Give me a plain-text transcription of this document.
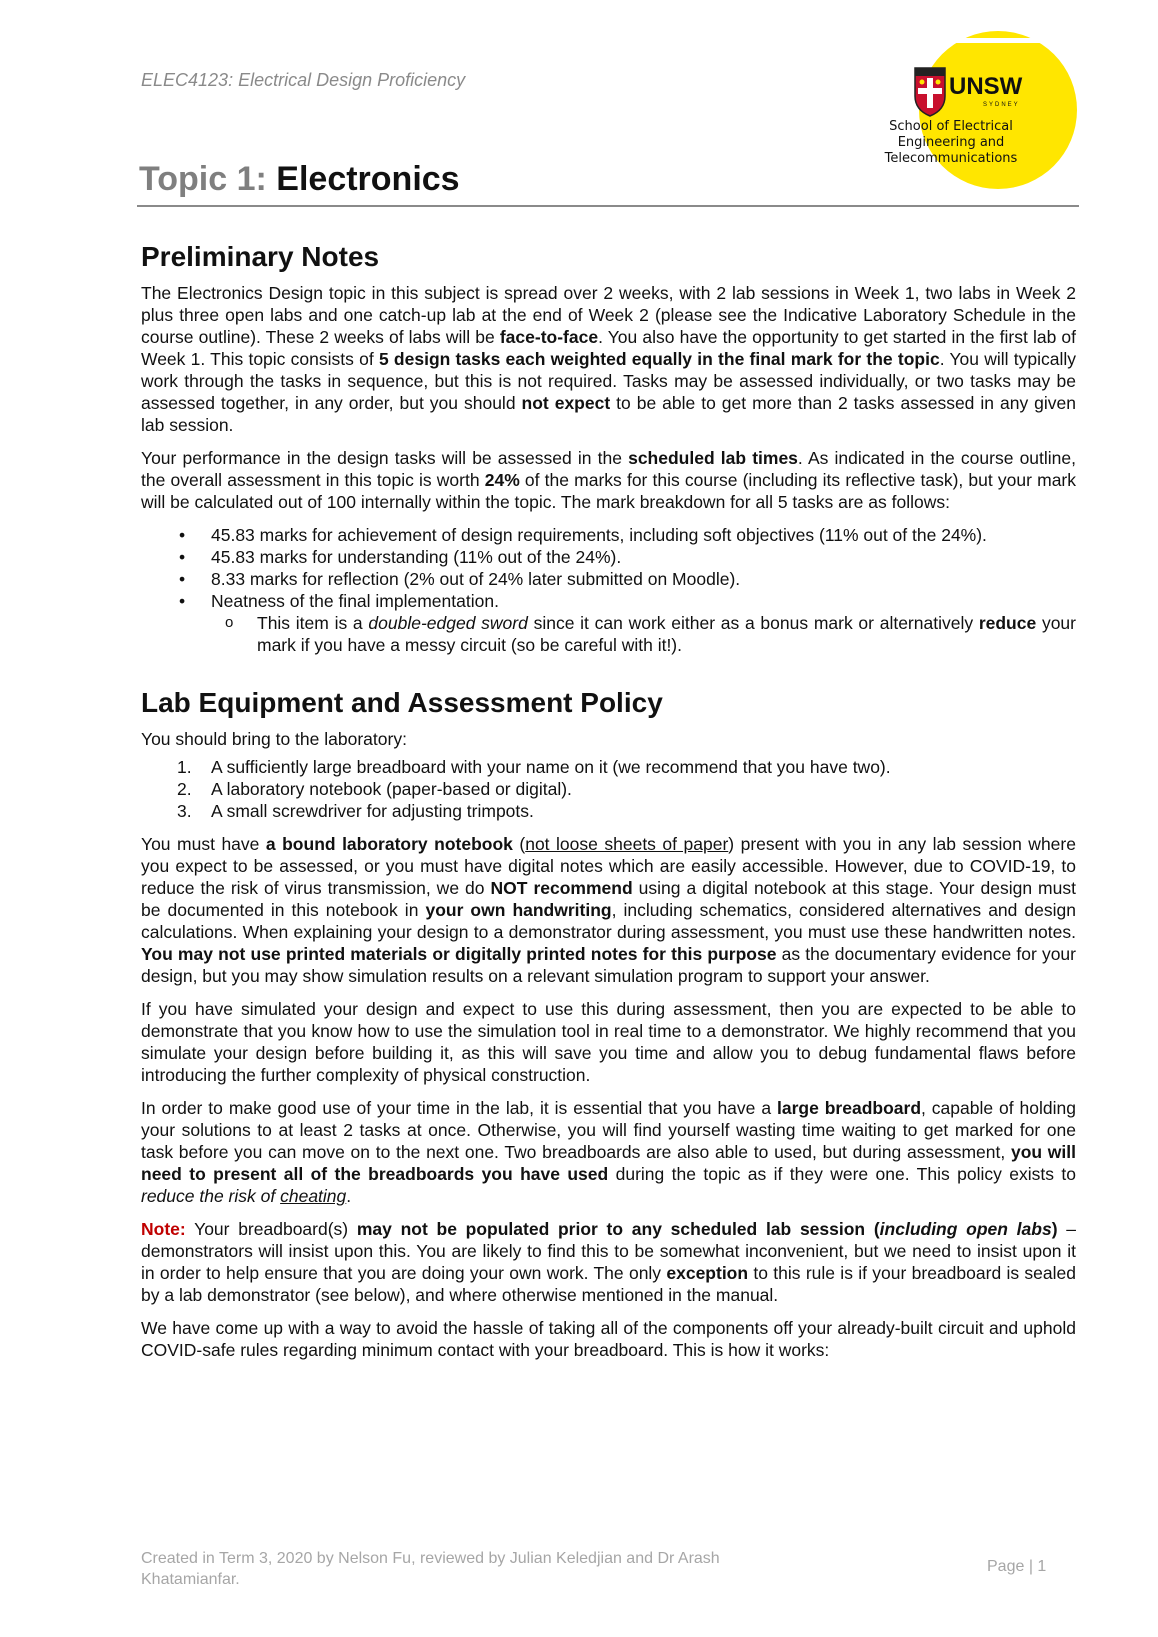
ELEC4123: Electrical Design Proficiency	UNSW
SYDNEY
School of Electrical
Engineering and
Telecommunications
Topic 1: Electronics
Preliminary Notes

The Electronics Design topic in this subject is spread over 2 weeks, with 2 lab sessions in Week 1, two labs in Week 2 plus three open labs and one catch-up lab at the end of Week 2 (please see the Indicative Laboratory Schedule in the course outline). These 2 weeks of labs will be face-to-face. You also have the opportunity to get started in the first lab of Week 1. This topic consists of 5 design tasks each weighted equally in the final mark for the topic. You will typically work through the tasks in sequence, but this is not required. Tasks may be assessed individually, or two tasks may be assessed together, in any order, but you should not expect to be able to get more than 2 tasks assessed in any given lab session.

Your performance in the design tasks will be assessed in the scheduled lab times. As indicated in the course outline, the overall assessment in this topic is worth 24% of the marks for this course (including its reflective task), but your mark will be calculated out of 100 internally within the topic. The mark breakdown for all 5 tasks are as follows:

• 45.83 marks for achievement of design requirements, including soft objectives (11% out of the 24%).
• 45.83 marks for understanding (11% out of the 24%).
• 8.33 marks for reflection (2% out of 24% later submitted on Moodle).
• Neatness of the final implementation.
o This item is a double-edged sword since it can work either as a bonus mark or alternatively reduce your mark if you have a messy circuit (so be careful with it!).
Lab Equipment and Assessment Policy

You should bring to the laboratory:

1. A sufficiently large breadboard with your name on it (we recommend that you have two).
2. A laboratory notebook (paper-based or digital).
3. A small screwdriver for adjusting trimpots.

You must have a bound laboratory notebook (not loose sheets of paper) present with you in any lab session where you expect to be assessed, or you must have digital notes which are easily accessible. However, due to COVID-19, to reduce the risk of virus transmission, we do NOT recommend using a digital notebook at this stage. Your design must be documented in this notebook in your own handwriting, including schematics, considered alternatives and design calculations. When explaining your design to a demonstrator during assessment, you must use these handwritten notes. You may not use printed materials or digitally printed notes for this purpose as the documentary evidence for your design, but you may show simulation results on a relevant simulation program to support your answer.

If you have simulated your design and expect to use this during assessment, then you are expected to be able to demonstrate that you know how to use the simulation tool in real time to a demonstrator. We highly recommend that you simulate your design before building it, as this will save you time and allow you to debug fundamental flaws before introducing the further complexity of physical construction.

In order to make good use of your time in the lab, it is essential that you have a large breadboard, capable of holding your solutions to at least 2 tasks at once. Otherwise, you will find yourself wasting time waiting to get marked for one task before you can move on to the next one. Two breadboards are also able to used, but during assessment, you will need to present all of the breadboards you have used during the topic as if they were one. This policy exists to reduce the risk of cheating.

Note: Your breadboard(s) may not be populated prior to any scheduled lab session (including open labs) – demonstrators will insist upon this. You are likely to find this to be somewhat inconvenient, but we need to insist upon it in order to help ensure that you are doing your own work. The only exception to this rule is if your breadboard is sealed by a lab demonstrator (see below), and where otherwise mentioned in the manual.

We have come up with a way to avoid the hassle of taking all of the components off your already-built circuit and uphold COVID-safe rules regarding minimum contact with your breadboard. This is how it works:

Created in Term 3, 2020 by Nelson Fu, reviewed by Julian Keledjian and Dr Arash
Khatamianfar.
Page | 1
